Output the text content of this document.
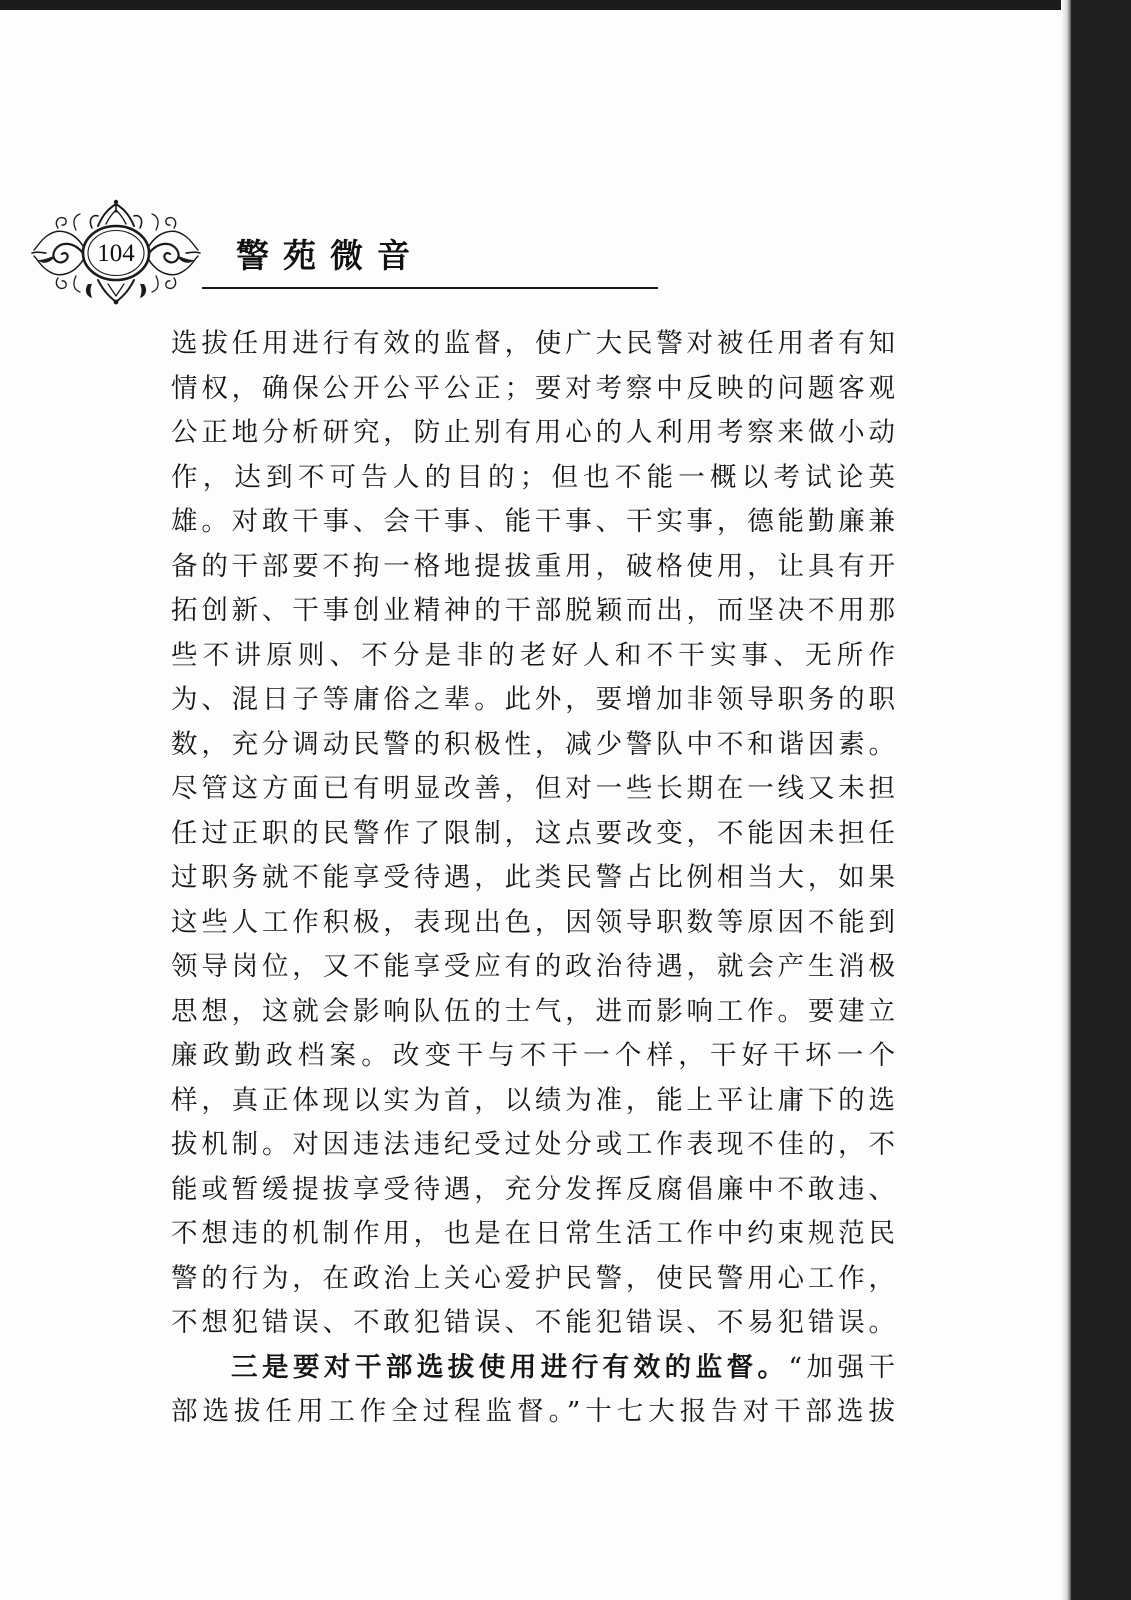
104	警苑微音
选拔任用进行有效的监督，使广大民警对被任用者有知
情权，确保公开公平公正；要对考察中反映的问题客观
公正地分析研究，防止别有用心的人利用考察来做小动
作，达到不可告人的目的；但也不能一概以考试论英
雄。对敢干事、会干事、能干事、干实事，德能勤廉兼
备的干部要不拘一格地提拔重用，破格使用，让具有开
拓创新、干事创业精神的干部脱颖而出，而坚决不用那
些不讲原则、不分是非的老好人和不干实事、无所作
为、混日子等庸俗之辈。此外，要增加非领导职务的职
数，充分调动民警的积极性，减少警队中不和谐因素。
尽管这方面已有明显改善，但对一些长期在一线又未担
任过正职的民警作了限制，这点要改变，不能因未担任
过职务就不能享受待遇，此类民警占比例相当大，如果
这些人工作积极，表现出色，因领导职数等原因不能到
领导岗位，又不能享受应有的政治待遇，就会产生消极
思想，这就会影响队伍的士气，进而影响工作。要建立
廉政勤政档案。改变干与不干一个样，干好干坏一个
样，真正体现以实为首，以绩为准，能上平让庸下的选
拔机制。对因违法违纪受过处分或工作表现不佳的，不
能或暂缓提拔享受待遇，充分发挥反腐倡廉中不敢违、
不想违的机制作用，也是在日常生活工作中约束规范民
警的行为，在政治上关心爱护民警，使民警用心工作，
不想犯错误、不敢犯错误、不能犯错误、不易犯错误。
三是要对干部选拔使用进行有效的监督。“加强干
部选拔任用工作全过程监督。”十七大报告对干部选拔
